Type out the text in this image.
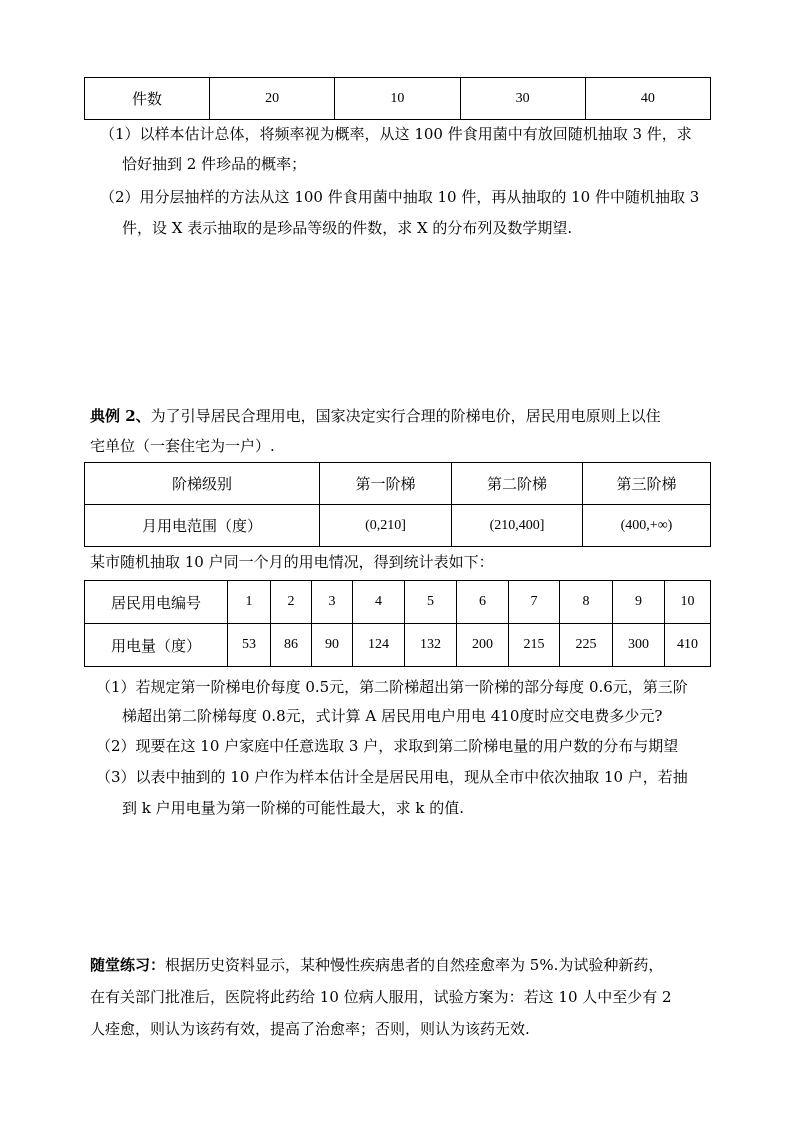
件数	20	10	30	40
（1）以样本估计总体，将频率视为概率，从这 100 件食用菌中有放回随机抽取 3 件，求
恰好抽到 2 件珍品的概率；
（2）用分层抽样的方法从这 100 件食用菌中抽取 10 件，再从抽取的 10 件中随机抽取 3
件，设 X 表示抽取的是珍品等级的件数，求 X 的分布列及数学期望.
典例 2、为了引导居民合理用电，国家决定实行合理的阶梯电价，居民用电原则上以住
宅单位（一套住宅为一户）.
阶梯级别	第一阶梯	第二阶梯	第三阶梯
月用电范围（度）	(0,210]	(210,400]	(400,+∞)
某市随机抽取 10 户同一个月的用电情况，得到统计表如下：
居民用电编号	1	2	3	4	5	6	7	8	9	10
用电量（度）	53	86	90	124	132	200	215	225	300	410
（1）若规定第一阶梯电价每度 0.5元，第二阶梯超出第一阶梯的部分每度 0.6元，第三阶
梯超出第二阶梯每度 0.8元，式计算 A 居民用电户用电 410度时应交电费多少元?
（2）现要在这 10 户家庭中任意选取 3 户，求取到第二阶梯电量的用户数的分布与期望
（3）以表中抽到的 10 户作为样本估计全是居民用电，现从全市中依次抽取 10 户，若抽
到 k 户用电量为第一阶梯的可能性最大，求 k 的值.
随堂练习：根据历史资料显示，某种慢性疾病患者的自然痊愈率为 5%.为试验种新药，
在有关部门批准后，医院将此药给 10 位病人服用，试验方案为：若这 10 人中至少有 2
人痊愈，则认为该药有效，提高了治愈率；否则，则认为该药无效.
